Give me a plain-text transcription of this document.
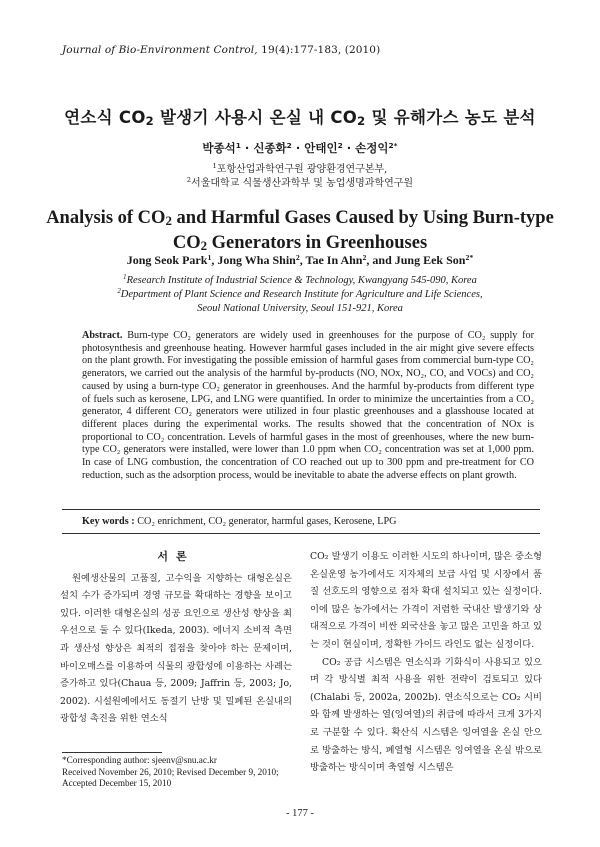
Journal of Bio-Environment Control, 19(4):177-183, (2010)
연소식 $CO_2$ 발생기 사용시 온실 내 $CO_2$ 및 유해가스 농도 분석
박종석$^1$ · 신종화$^2$ · 안태인$^2$ · 손정익$^{2*}$
$^1$포항산업과학연구원 광양환경연구본부,
$^2$서울대학교 식물생산과학부 및 농업생명과학연구원
Analysis of $CO_2$ and Harmful Gases Caused by Using Burn-type
$CO_2$ Generators in Greenhouses
Jong Seok Park$^1$, Jong Wha Shin$^2$, Tae In Ahn$^2$, and Jung Eek Son$^{2*}$
$^1$Research Institute of Industrial Science & Technology, Kwangyang 545-090, Korea
$^2$Department of Plant Science and Research Institute for Agriculture and Life Sciences,
Seoul National University, Seoul 151-921, Korea
Abstract. Burn-type CO₂ generators are widely used in greenhouses for the purpose of CO₂ supply for photosynthesis and greenhouse heating. However harmful gases included in the air might give severe effects on the plant growth. For investigating the possible emission of harmful gases from commercial burn-type CO₂ generators, we carried out the analysis of the harmful by-products (NO, NOx, NO₂, CO, and VOCs) and CO₂ caused by using a burn-type CO₂ generator in greenhouses. And the harmful by-products from different type of fuels such as kerosene, LPG, and LNG were quantified. In order to minimize the uncertainties from a CO₂ generator, 4 different CO₂ generators were utilized in four plastic greenhouses and a glasshouse located at different places during the experimental works. The results showed that the concentration of NOx is proportional to CO₂ concentration. Levels of harmful gases in the most of greenhouses, where the new burn-type CO₂ generators were installed, were lower than 1.0 ppm when CO₂ concentration was set at 1,000 ppm. In case of LNG combustion, the concentration of CO reached out up to 300 ppm and pre-treatment for CO reduction, such as the adsorption process, would be inevitable to abate the adverse effects on plant growth.
Key words : CO₂ enrichment, CO₂ generator, harmful gases, Kerosene, LPG
서론

원예생산물의 고품질, 고수익을 지향하는 대형온실은 설치 수가 증가되며 경영 규모를 확대하는 경향을 보이고 있다. 이러한 대형온실의 성공 요인으로 생산성 향상을 최우선으로 둘 수 있다(Ikeda, 2003). 에너지 소비적 측면과 생산성 향상은 최적의 접점을 찾아야 하는 문제이며, 바이오매스를 이용하여 식물의 광합성에 이용하는 사례는 증가하고 있다(Chaua 등, 2009; Jaffrin 등, 2003; Jo, 2002). 시설원예에서도 동절기 난방 및 밀폐된 온실내의 광합성 촉진을 위한 연소식

CO₂ 발생기 이용도 이러한 시도의 하나이며, 많은 중소형 온실운영 농가에서도 지자체의 보급 사업 및 시장에서 품질 선호도의 영향으로 점차 확대 설치되고 있는 실정이다. 이에 많은 농가에서는 가격이 저렴한 국내산 발생기와 상대적으로 가격이 비싼 외국산을 놓고 많은 고민을 하고 있는 것이 현실이며, 정확한 가이드 라인도 없는 실정이다.

CO₂ 공급 시스템은 연소식과 기화식이 사용되고 있으며 각 방식별 최적 사용을 위한 전략이 검토되고 있다(Chalabi 등, 2002a, 2002b). 연소식으로는 CO₂ 시비와 함께 발생하는 열(잉여열)의 취급에 따라서 크게 3가지로 구분할 수 있다. 확산식 시스템은 잉여열을 온실 안으로 방출하는 방식, 폐열형 시스템은 잉여열을 온실 밖으로 방출하는 방식이며 축열형 시스템은

*Corresponding author: sjeenv@snu.ac.kr
Received November 26, 2010; Revised December 9, 2010;
Accepted December 15, 2010
- 177 -
